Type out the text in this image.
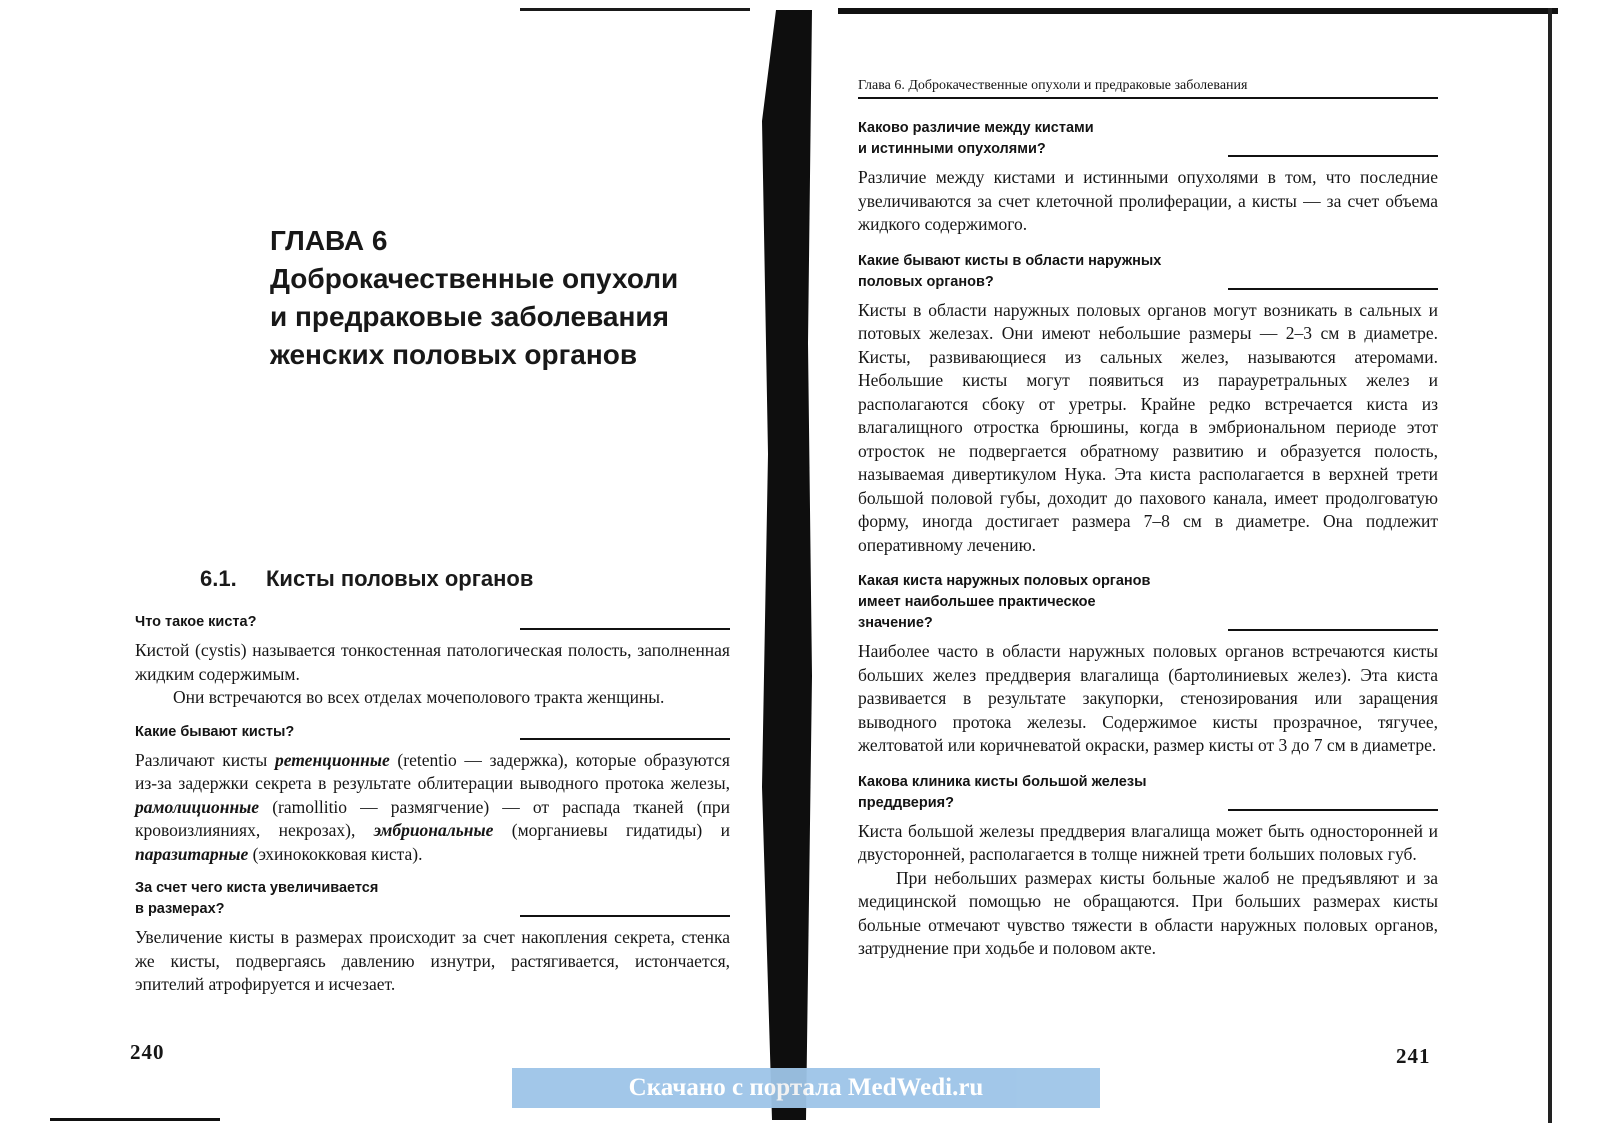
ГЛАВА 6
Доброкачественные опухоли
и предраковые заболевания
женских половых органов
6.1. Кисты половых органов
Что такое киста?

Кистой (cystis) называется тонкостенная патологическая полость, заполненная жидким содержимым.

Они встречаются во всех отделах мочеполового тракта женщины.

Какие бывают кисты?

Различают кисты ретенционные (retentio — задержка), которые образуются из-за задержки секрета в результате облитерации выводного протока железы, рамолиционные (ramollitio — размягчение) — от распада тканей (при кровоизлияниях, некрозах), эмбриональные (морганиевы гидатиды) и паразитарные (эхинококковая киста).

За счет чего киста увеличивается
в размерах?

Увеличение кисты в размерах происходит за счет накопления секрета, стенка же кисты, подвергаясь давлению изнутри, растягивается, истончается, эпителий атрофируется и исчезает.

240
Глава 6. Доброкачественные опухоли и предраковые заболевания
Каково различие между кистами
и истинными опухолями?

Различие между кистами и истинными опухолями в том, что последние увеличиваются за счет клеточной пролиферации, а кисты — за счет объема жидкого содержимого.

Какие бывают кисты в области наружных
половых органов?

Кисты в области наружных половых органов могут возникать в сальных и потовых железах. Они имеют небольшие размеры — 2–3 см в диаметре. Кисты, развивающиеся из сальных желез, называются атеромами. Небольшие кисты могут появиться из парауретральных желез и располагаются сбоку от уретры. Крайне редко встречается киста из влагалищного отростка брюшины, когда в эмбриональном периоде этот отросток не подвергается обратному развитию и образуется полость, называемая дивертикулом Нука. Эта киста располагается в верхней трети большой половой губы, доходит до пахового канала, имеет продолговатую форму, иногда достигает размера 7–8 см в диаметре. Она подлежит оперативному лечению.

Какая киста наружных половых органов
имеет наибольшее практическое
значение?

Наиболее часто в области наружных половых органов встречаются кисты больших желез преддверия влагалища (бартолиниевых желез). Эта киста развивается в результате закупорки, стенозирования или заращения выводного протока железы. Содержимое кисты прозрачное, тягучее, желтоватой или коричневатой окраски, размер кисты от 3 до 7 см в диаметре.

Какова клиника кисты большой железы
преддверия?

Киста большой железы преддверия влагалища может быть односторонней и двусторонней, располагается в толще нижней трети больших половых губ.

При небольших размерах кисты больные жалоб не предъявляют и за медицинской помощью не обращаются. При больших размерах кисты больные отмечают чувство тяжести в области наружных половых органов, затруднение при ходьбе и половом акте.

241
Скачано с портала MedWedi.ru
